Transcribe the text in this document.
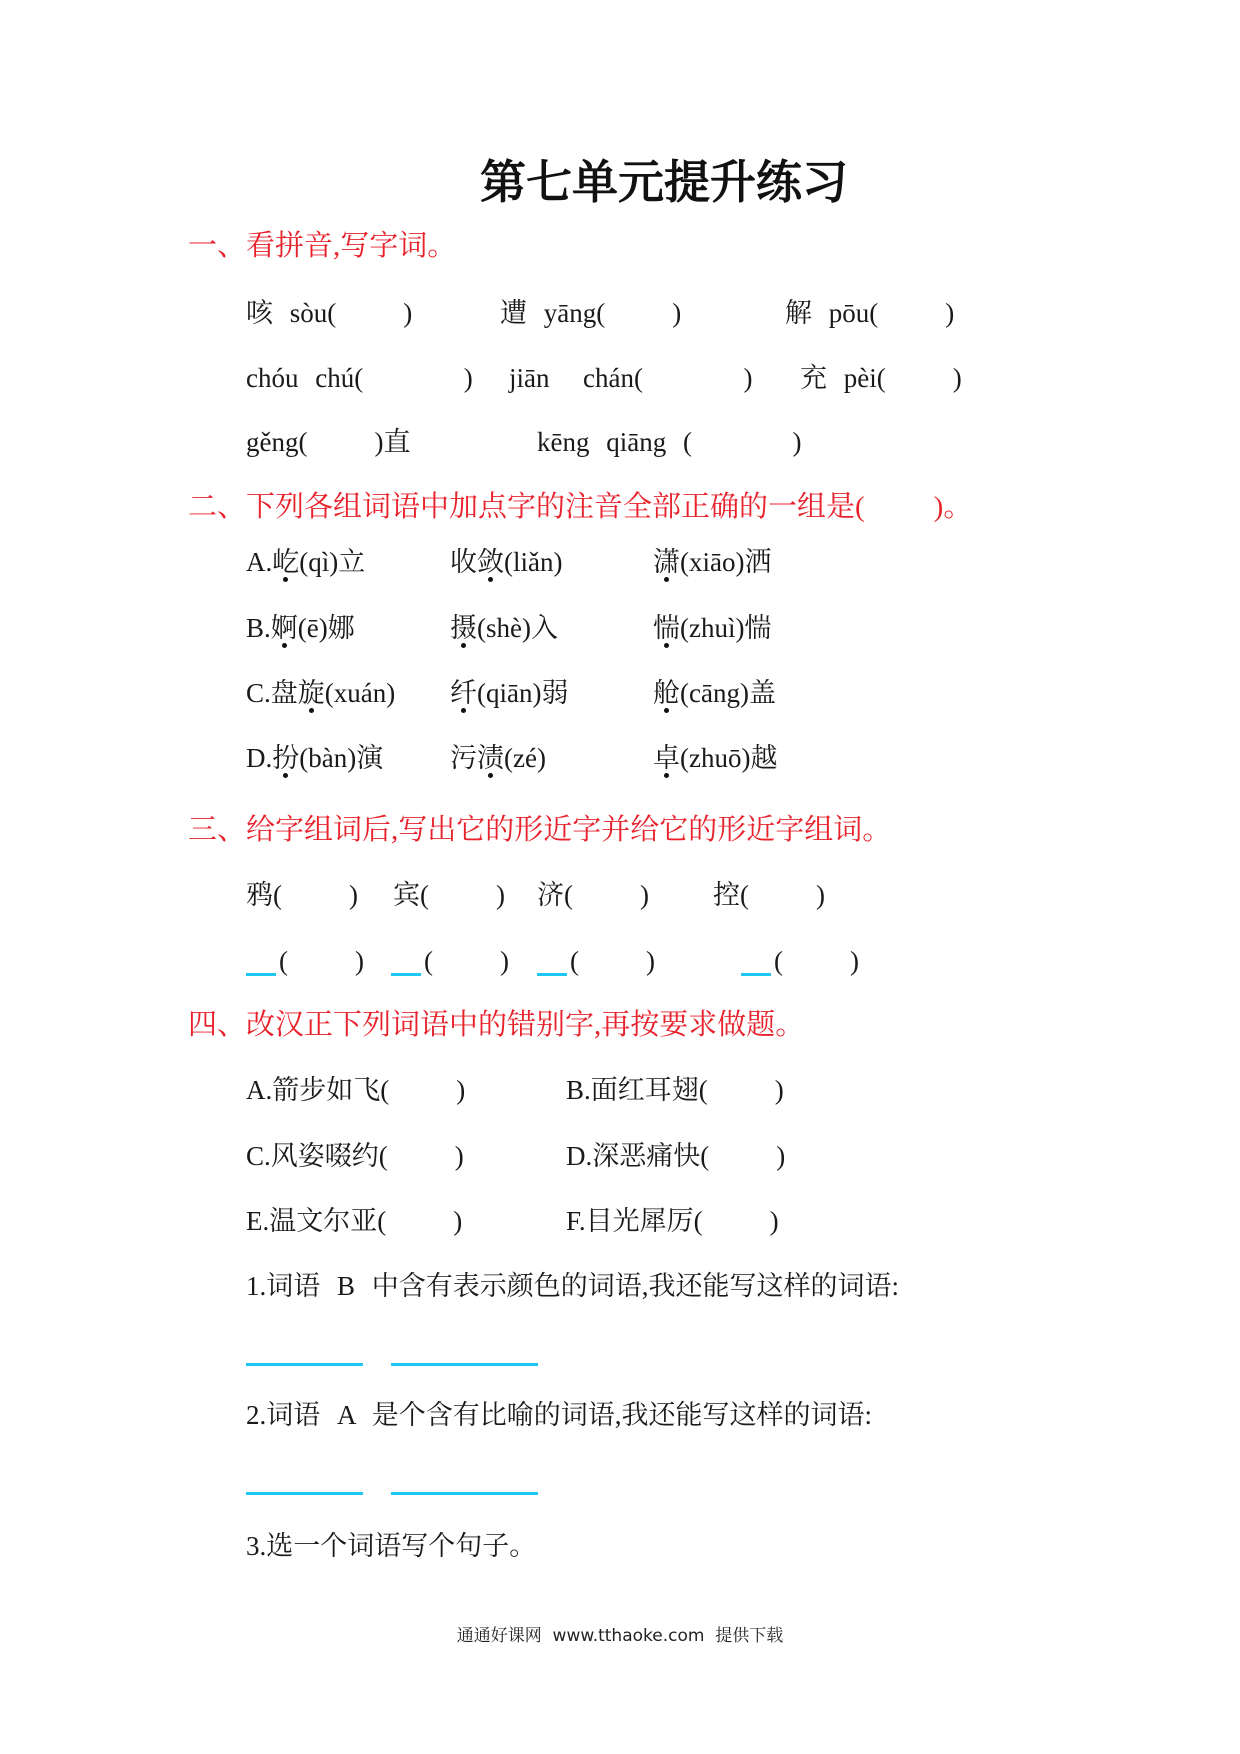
第七单元提升练习
一、看拼音,写字词。
咳 sòu(    )	遭 yāng(    )	解 pōu(    )
chóu chú(      ) jiān  chán(      ) 充 pèi(    )
gěng(    )直	kēng qiāng (      )
二、下列各组词语中加点字的注音全部正确的一组是(    )。
A.屹(qì)立	收敛(liǎn)	潇(xiāo)洒
B.婀(ē)娜	摄(shè)入	惴(zhuì)惴
C.盘旋(xuán) 纤(qiān)弱	舱(cāng)盖
D.扮(bàn)演 污渍(zé)	卓(zhuō)越
三、给字组词后,写出它的形近字并给它的形近字组词。
鸦(    ) 宾(    ) 济(    ) 控(    )
(    )	(    )	(    )	(    )
四、改汉正下列词语中的错别字,再按要求做题。
A.箭步如飞(    )	B.面红耳翅(    )
C.风姿啜约(    )	D.深恶痛快(    )
E.温文尔亚(    )	F.目光犀厉(    )
1.词语 B 中含有表示颜色的词语,我还能写这样的词语:
2.词语 A 是个含有比喻的词语,我还能写这样的词语:
3.选一个词语写个句子。
通通好课网  www.tthaoke.com  提供下载
